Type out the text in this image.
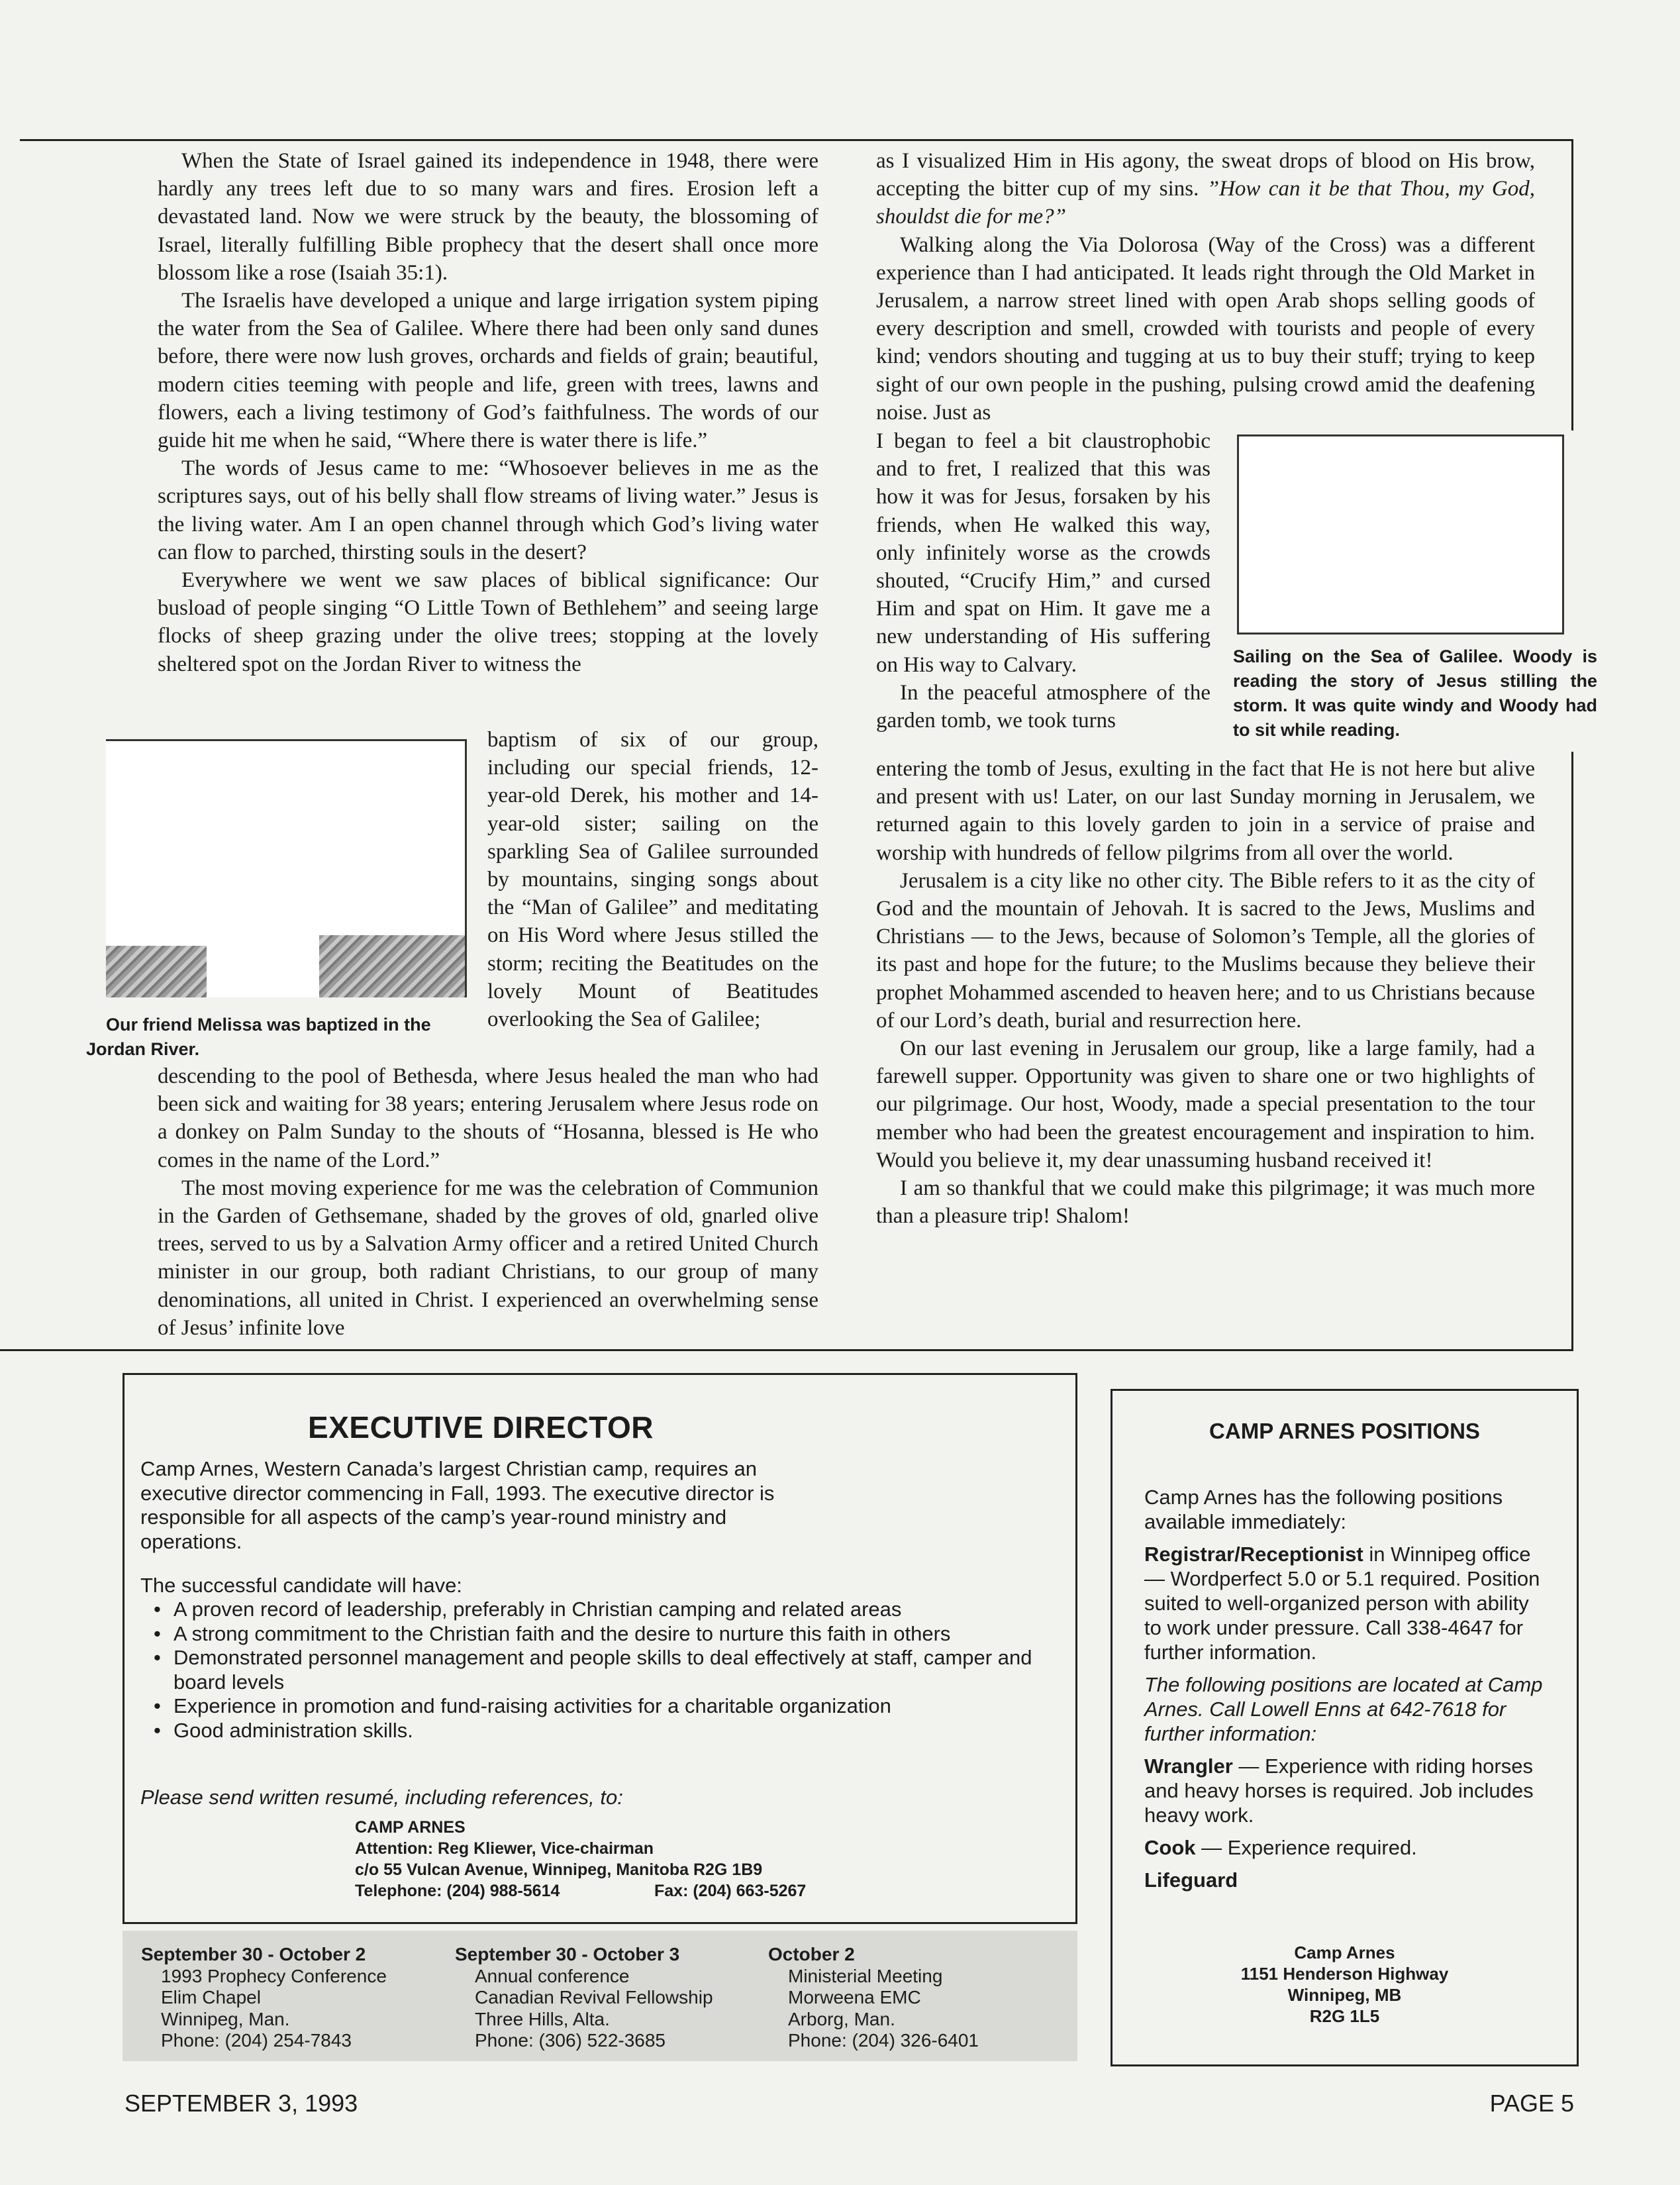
When the State of Israel gained its independence in 1948, there were hardly any trees left due to so many wars and fires. Erosion left a devastated land. Now we were struck by the beauty, the blossoming of Israel, literally fulfilling Bible prophecy that the desert shall once more blossom like a rose (Isaiah 35:1).

The Israelis have developed a unique and large irrigation system piping the water from the Sea of Galilee. Where there had been only sand dunes before, there were now lush groves, orchards and fields of grain; beautiful, modern cities teeming with people and life, green with trees, lawns and flowers, each a living testimony of God’s faithfulness. The words of our guide hit me when he said, “Where there is water there is life.”

The words of Jesus came to me: “Whosoever believes in me as the scriptures says, out of his belly shall flow streams of living water.” Jesus is the living water. Am I an open channel through which God’s living water can flow to parched, thirsting souls in the desert?

Everywhere we went we saw places of biblical significance: Our busload of people singing “O Little Town of Bethlehem” and seeing large flocks of sheep grazing under the olive trees; stopping at the lovely sheltered spot on the Jordan River to witness the

Our friend Melissa was baptized in the Jordan River.

baptism of six of our group, including our special friends, 12-year-old Derek, his mother and 14-year-old sister; sailing on the sparkling Sea of Galilee surrounded by mountains, singing songs about the “Man of Galilee” and meditating on His Word where Jesus stilled the storm; reciting the Beatitudes on the lovely Mount of Beatitudes overlooking the Sea of Galilee;

descending to the pool of Bethesda, where Jesus healed the man who had been sick and waiting for 38 years; entering Jerusalem where Jesus rode on a donkey on Palm Sunday to the shouts of “Hosanna, blessed is He who comes in the name of the Lord.”

The most moving experience for me was the celebration of Communion in the Garden of Gethsemane, shaded by the groves of old, gnarled olive trees, served to us by a Salvation Army officer and a retired United Church minister in our group, both radiant Christians, to our group of many denominations, all united in Christ. I experienced an overwhelming sense of Jesus’ infinite love

as I visualized Him in His agony, the sweat drops of blood on His brow, accepting the bitter cup of my sins. ”How can it be that Thou, my God, shouldst die for me?”

Walking along the Via Dolorosa (Way of the Cross) was a different experience than I had anticipated. It leads right through the Old Market in Jerusalem, a narrow street lined with open Arab shops selling goods of every description and smell, crowded with tourists and people of every kind; vendors shouting and tugging at us to buy their stuff; trying to keep sight of our own people in the pushing, pulsing crowd amid the deafening noise. Just as

I began to feel a bit claustrophobic and to fret, I realized that this was how it was for Jesus, forsaken by his friends, when He walked this way, only infinitely worse as the crowds shouted, “Crucify Him,” and cursed Him and spat on Him. It gave me a new understanding of His suffering on His way to Calvary.

In the peaceful atmosphere of the garden tomb, we took turns

Sailing on the Sea of Galilee. Woody is reading the story of Jesus stilling the storm. It was quite windy and Woody had to sit while reading.

entering the tomb of Jesus, exulting in the fact that He is not here but alive and present with us! Later, on our last Sunday morning in Jerusalem, we returned again to this lovely garden to join in a service of praise and worship with hundreds of fellow pilgrims from all over the world.

Jerusalem is a city like no other city. The Bible refers to it as the city of God and the mountain of Jehovah. It is sacred to the Jews, Muslims and Christians — to the Jews, because of Solomon’s Temple, all the glories of its past and hope for the future; to the Muslims because they believe their prophet Mohammed ascended to heaven here; and to us Christians because of our Lord’s death, burial and resurrection here.

On our last evening in Jerusalem our group, like a large family, had a farewell supper. Opportunity was given to share one or two highlights of our pilgrimage. Our host, Woody, made a special presentation to the tour member who had been the greatest encouragement and inspiration to him. Would you believe it, my dear unassuming husband received it!

I am so thankful that we could make this pilgrimage; it was much more than a pleasure trip! Shalom!

EXECUTIVE DIRECTOR
Camp Arnes, Western Canada’s largest Christian camp, requires an executive director commencing in Fall, 1993. The executive director is responsible for all aspects of the camp’s year-round ministry and operations.
The successful candidate will have:
• A proven record of leadership, preferably in Christian camping and related areas
• A strong commitment to the Christian faith and the desire to nurture this faith in others
• Demonstrated personnel management and people skills to deal effectively at staff, camper and board levels
• Experience in promotion and fund-raising activities for a charitable organization
• Good administration skills.
Please send written resumé, including references, to:
CAMP ARNES
Attention: Reg Kliewer, Vice-chairman
c/o 55 Vulcan Avenue, Winnipeg, Manitoba R2G 1B9
Telephone: (204) 988-5614	Fax: (204) 663-5267
CAMP ARNES POSITIONS

Camp Arnes has the following positions available immediately:

Registrar/Receptionist in Winnipeg office — Wordperfect 5.0 or 5.1 required. Position suited to well-organized person with ability to work under pressure. Call 338-4647 for further information.

The following positions are located at Camp Arnes. Call Lowell Enns at 642-7618 for further information:

Wrangler — Experience with riding horses and heavy horses is required. Job includes heavy work.

Cook — Experience required.

Lifeguard

Camp Arnes
1151 Henderson Highway
Winnipeg, MB
R2G 1L5
September 30 - October 2
1993 Prophecy Conference
Elim Chapel
Winnipeg, Man.
Phone: (204) 254-7843
September 30 - October 3
Annual conference
Canadian Revival Fellowship
Three Hills, Alta.
Phone: (306) 522-3685
October 2
Ministerial Meeting
Morweena EMC
Arborg, Man.
Phone: (204) 326-6401
SEPTEMBER 3, 1993	PAGE 5
